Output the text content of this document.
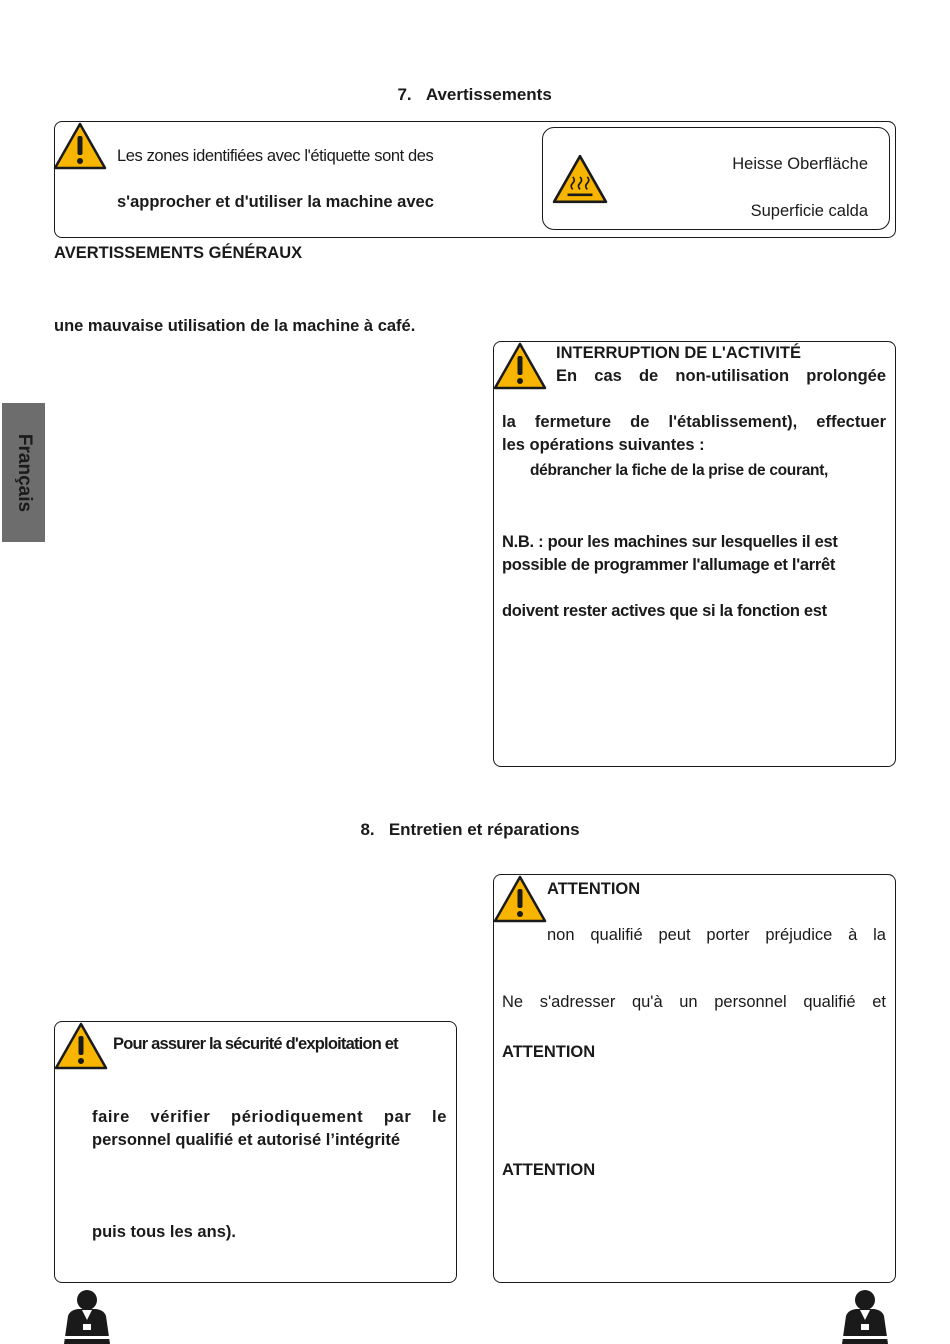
7. Avertissements

Les zones identifiées avec l'étiquette sont des
s'approcher et d'utiliser la machine avec
Heisse Oberfläche
Superficie calda
AVERTISSEMENTS GÉNÉRAUX
une mauvaise utilisation de la machine à café.
Français
INTERRUPTION DE L'ACTIVITÉ
En cas de non-utilisation prolongée
la fermeture de l'établissement), effectuer
les opérations suivantes :
débrancher la fiche de la prise de courant,
N.B. : pour les machines sur lesquelles il est
possible de programmer l'allumage et l'arrêt
doivent rester actives que si la fonction est

8. Entretien et réparations

ATTENTION
non qualifié peut porter préjudice à la
Ne s'adresser qu'à un personnel qualifié et
ATTENTION
ATTENTION
Pour assurer la sécurité d'exploitation et
faire vérifier périodiquement par le
personnel qualifié et autorisé l’intégrité
puis tous les ans).
